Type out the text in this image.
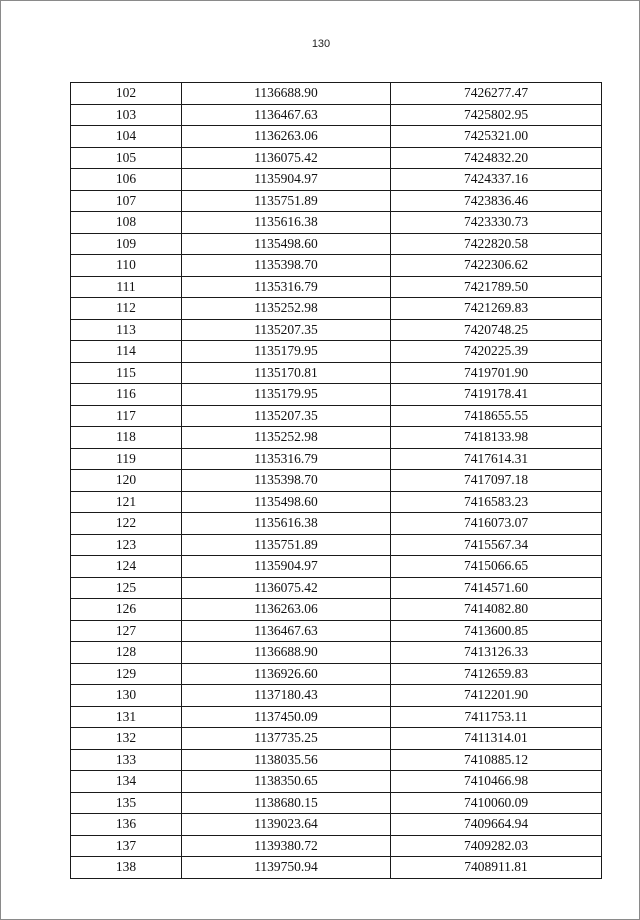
130
102	1136688.90	7426277.47
103	1136467.63	7425802.95
104	1136263.06	7425321.00
105	1136075.42	7424832.20
106	1135904.97	7424337.16
107	1135751.89	7423836.46
108	1135616.38	7423330.73
109	1135498.60	7422820.58
110	1135398.70	7422306.62
111	1135316.79	7421789.50
112	1135252.98	7421269.83
113	1135207.35	7420748.25
114	1135179.95	7420225.39
115	1135170.81	7419701.90
116	1135179.95	7419178.41
117	1135207.35	7418655.55
118	1135252.98	7418133.98
119	1135316.79	7417614.31
120	1135398.70	7417097.18
121	1135498.60	7416583.23
122	1135616.38	7416073.07
123	1135751.89	7415567.34
124	1135904.97	7415066.65
125	1136075.42	7414571.60
126	1136263.06	7414082.80
127	1136467.63	7413600.85
128	1136688.90	7413126.33
129	1136926.60	7412659.83
130	1137180.43	7412201.90
131	1137450.09	7411753.11
132	1137735.25	7411314.01
133	1138035.56	7410885.12
134	1138350.65	7410466.98
135	1138680.15	7410060.09
136	1139023.64	7409664.94
137	1139380.72	7409282.03
138	1139750.94	7408911.81
